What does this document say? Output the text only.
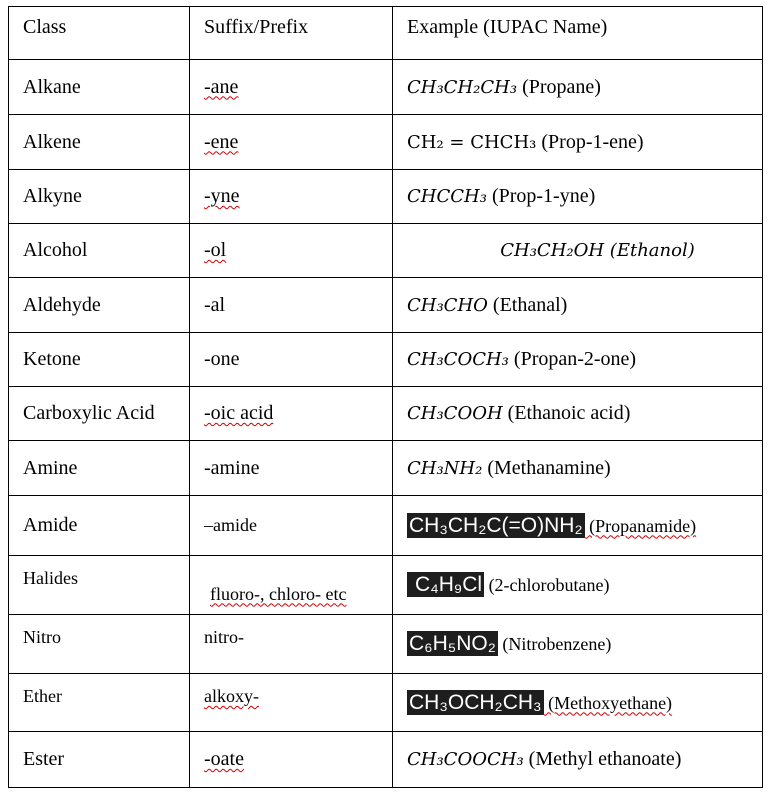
Class	Suffix/Prefix	Example (IUPAC Name)
Alkane	-ane	CH₃CH₂CH₃ (Propane)
Alkene	-ene	CH₂ = CHCH₃ (Prop-1-ene)
Alkyne	-yne	CHCCH₃ (Prop-1-yne)
Alcohol	-ol	CH₃CH₂OH (Ethanol)

Aldehyde	-al	CH₃CHO (Ethanal)
Ketone	-one	CH₃COCH₃ (Propan-2-one)
Carboxylic Acid	-oic acid	CH₃COOH (Ethanoic acid)
Amine	-amine	CH₃NH₂ (Methanamine)
Amide	–amide	CH₃CH₂C(=O)NH₂ (Propanamide)
Halides	fluoro-, chloro- etc	C₄H₉Cl (2-chlorobutane)
Nitro	nitro-	C₆H₅NO₂ (Nitrobenzene)
Ether	alkoxy-	CH₃OCH₂CH₃ (Methoxyethane)
Ester	-oate	CH₃COOCH₃ (Methyl ethanoate)
